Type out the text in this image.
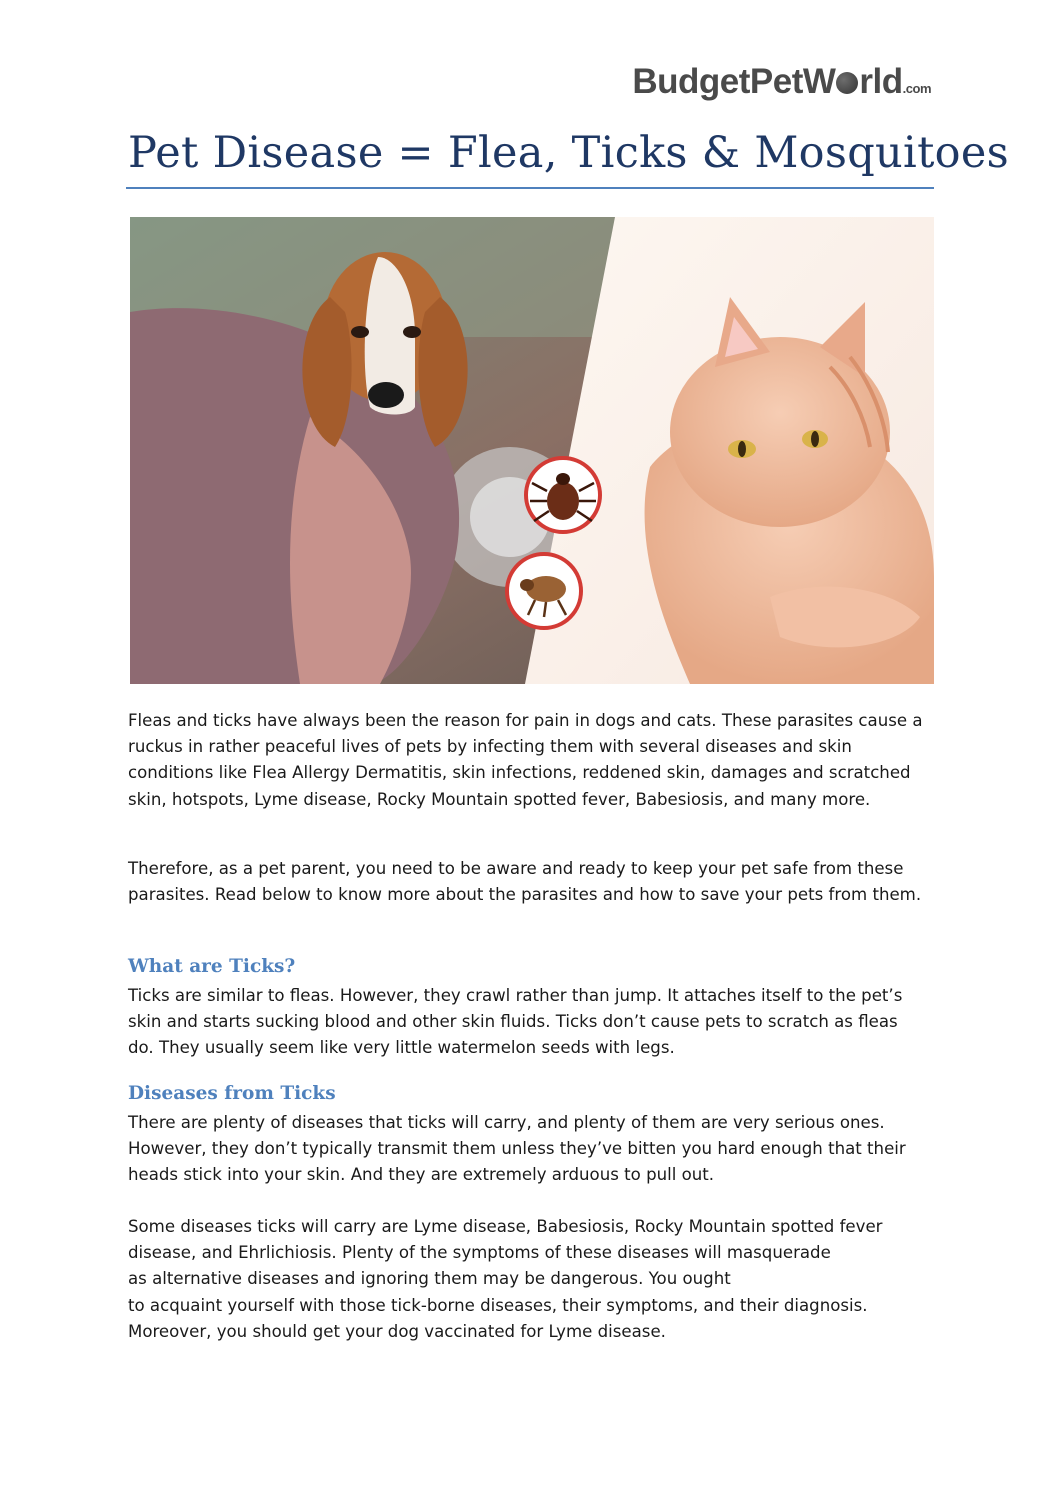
BudgetPetW rld.com
Pet Disease = Flea, Ticks & Mosquitoes

Fleas and ticks have always been the reason for pain in dogs and cats. These parasites cause a ruckus in rather peaceful lives of pets by infecting them with several diseases and skin conditions like Flea Allergy Dermatitis, skin infections, reddened skin, damages and scratched skin, hotspots, Lyme disease, Rocky Mountain spotted fever, Babesiosis, and many more.

Therefore, as a pet parent, you need to be aware and ready to keep your pet safe from these parasites. Read below to know more about the parasites and how to save your pets from them.

What are Ticks?

Ticks are similar to fleas. However, they crawl rather than jump. It attaches itself to the pet’s skin and starts sucking blood and other skin fluids. Ticks don’t cause pets to scratch as fleas do. They usually seem like very little watermelon seeds with legs.

Diseases from Ticks

There are plenty of diseases that ticks will carry, and plenty of them are very serious ones. However, they don’t typically transmit them unless they’ve bitten you hard enough that their heads stick into your skin. And they are extremely arduous to pull out.

Some diseases ticks will carry are Lyme disease, Babesiosis, Rocky Mountain spotted fever disease, and Ehrlichiosis. Plenty of the symptoms of these diseases will masquerade

as alternative diseases and ignoring them may be dangerous. You ought

to acquaint yourself with those tick-borne diseases, their symptoms, and their diagnosis. Moreover, you should get your dog vaccinated for Lyme disease.
